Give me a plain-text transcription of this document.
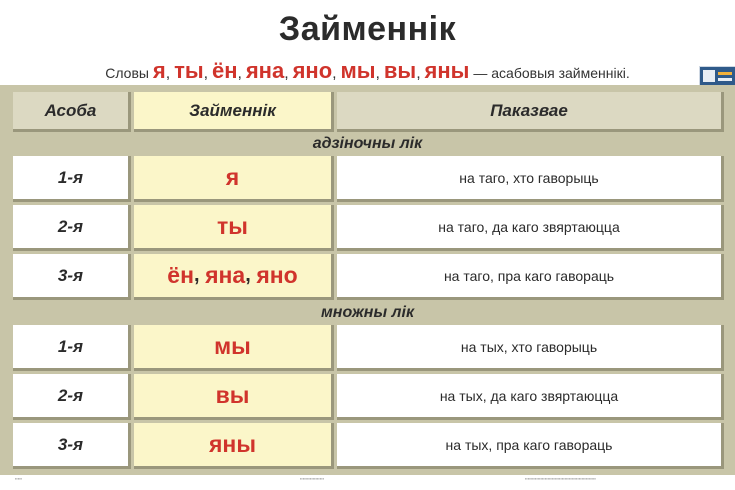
Займеннік
Словы я, ты, ён, яна, яно, мы, вы, яны — асабовыя займеннікі.
Асоба	Займеннік	Паказвае
адзіночны лік
1-я	я	на таго, хто гаворыць
2-я	ты	на таго, да каго звяртаюцца
3-я	ён , яна , яно	на таго, пра каго гавораць
множны лік
1-я	мы	на тых, хто гаворыць
2-я	вы	на тых, да каго звяртаюцца
3-я	яны	на тых, пра каго гавораць
▪▪▪▪▪	▪▪▪▪▪▪▪▪▪▪▪▪▪▪▪▪▪	▪▪▪▪▪▪▪▪▪▪▪▪▪▪▪▪▪▪▪▪▪▪▪▪▪▪▪▪▪▪▪▪▪▪▪▪▪▪▪▪▪▪▪▪▪▪▪▪▪▪
